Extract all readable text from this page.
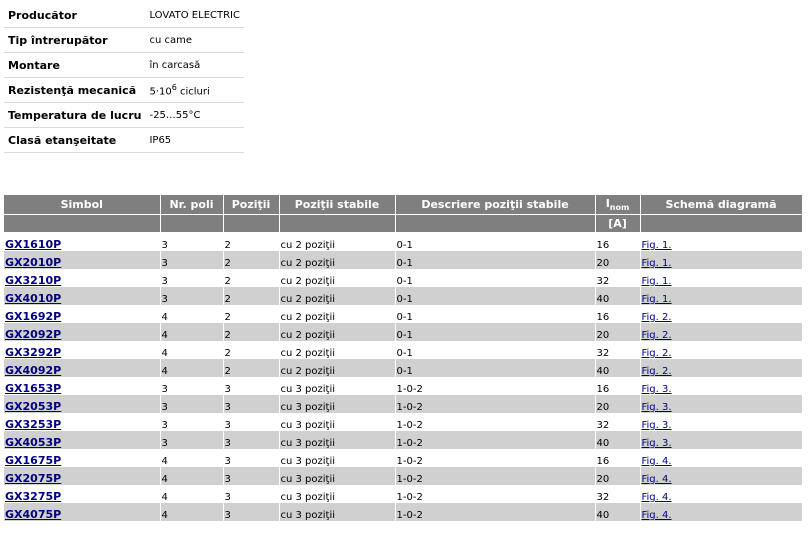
Producător	LOVATO ELECTRIC
Tip întrerupător	cu came
Montare	în carcasă
Rezistenţă mecanică	$5\cdot 10^6$ cicluri
Temperatura de lucru	-25…55°C
Clasă etanşeitate	IP65
Simbol	Nr. poli	Poziţii	Poziţii stabile	Descriere poziţii stabile	$I_{nom}$	Schemă diagramă
					[A]	
GX1610P	3	2	cu 2 poziţii	0-1	16	Fig. 1.
GX2010P	3	2	cu 2 poziţii	0-1	20	Fig. 1.
GX3210P	3	2	cu 2 poziţii	0-1	32	Fig. 1.
GX4010P	3	2	cu 2 poziţii	0-1	40	Fig. 1.
GX1692P	4	2	cu 2 poziţii	0-1	16	Fig. 2.
GX2092P	4	2	cu 2 poziţii	0-1	20	Fig. 2.
GX3292P	4	2	cu 2 poziţii	0-1	32	Fig. 2.
GX4092P	4	2	cu 2 poziţii	0-1	40	Fig. 2.
GX1653P	3	3	cu 3 poziţii	1-0-2	16	Fig. 3.
GX2053P	3	3	cu 3 poziţii	1-0-2	20	Fig. 3.
GX3253P	3	3	cu 3 poziţii	1-0-2	32	Fig. 3.
GX4053P	3	3	cu 3 poziţii	1-0-2	40	Fig. 3.
GX1675P	4	3	cu 3 poziţii	1-0-2	16	Fig. 4.
GX2075P	4	3	cu 3 poziţii	1-0-2	20	Fig. 4.
GX3275P	4	3	cu 3 poziţii	1-0-2	32	Fig. 4.
GX4075P	4	3	cu 3 poziţii	1-0-2	40	Fig. 4.
